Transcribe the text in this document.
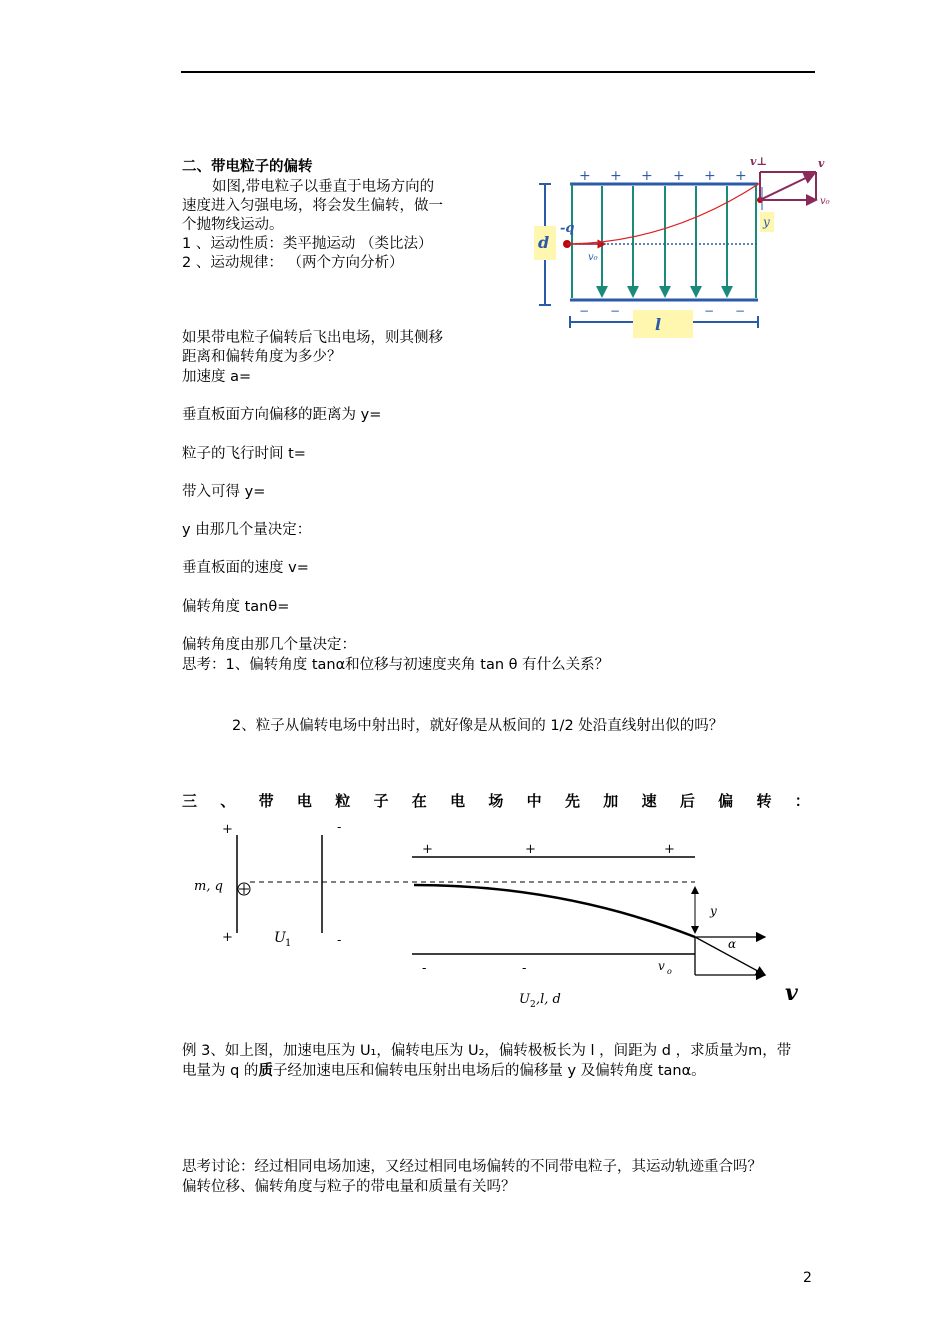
二、带电粒子的偏转
如图,带电粒子以垂直于电场方向的
速度进入匀强电场，将会发生偏转，做一
个抛物线运动。
1 、运动性质：类平抛运动 （类比法）
2 、运动规律： （两个方向分析）
如果带电粒子偏转后飞出电场，则其侧移
距离和偏转角度为多少？
加速度 a=
垂直板面方向偏移的距离为 y=
粒子的飞行时间 t=
带入可得 y=
y 由那几个量决定：
垂直板面的速度 v=
偏转角度 tanθ=
偏转角度由那几个量决定：
思考：1、偏转角度 tanα和位移与初速度夹角 tan θ 有什么关系？
2、粒子从偏转电场中射出时，就好像是从板间的 1/2 处沿直线射出似的吗？
+ + + + + +
− −	− −
d
-q
v₀
y
v⊥	v
v₀
l
三 、 带 电 粒 子 在 电 场 中 先 加 速 后 偏 转 ：
+	-
+	-
m, q
U 1
+	+	+
-	-
y
α
v o
U 2 ,l, d	v
例 3、如上图，加速电压为 U₁，偏转电压为 U₂，偏转极板长为 l ，间距为 d ，求质量为m，带
电量为 q 的质子经加速电压和偏转电压射出电场后的偏移量 y 及偏转角度 tanα。
思考讨论：经过相同电场加速，又经过相同电场偏转的不同带电粒子，其运动轨迹重合吗？
偏转位移、偏转角度与粒子的带电量和质量有关吗？
2
